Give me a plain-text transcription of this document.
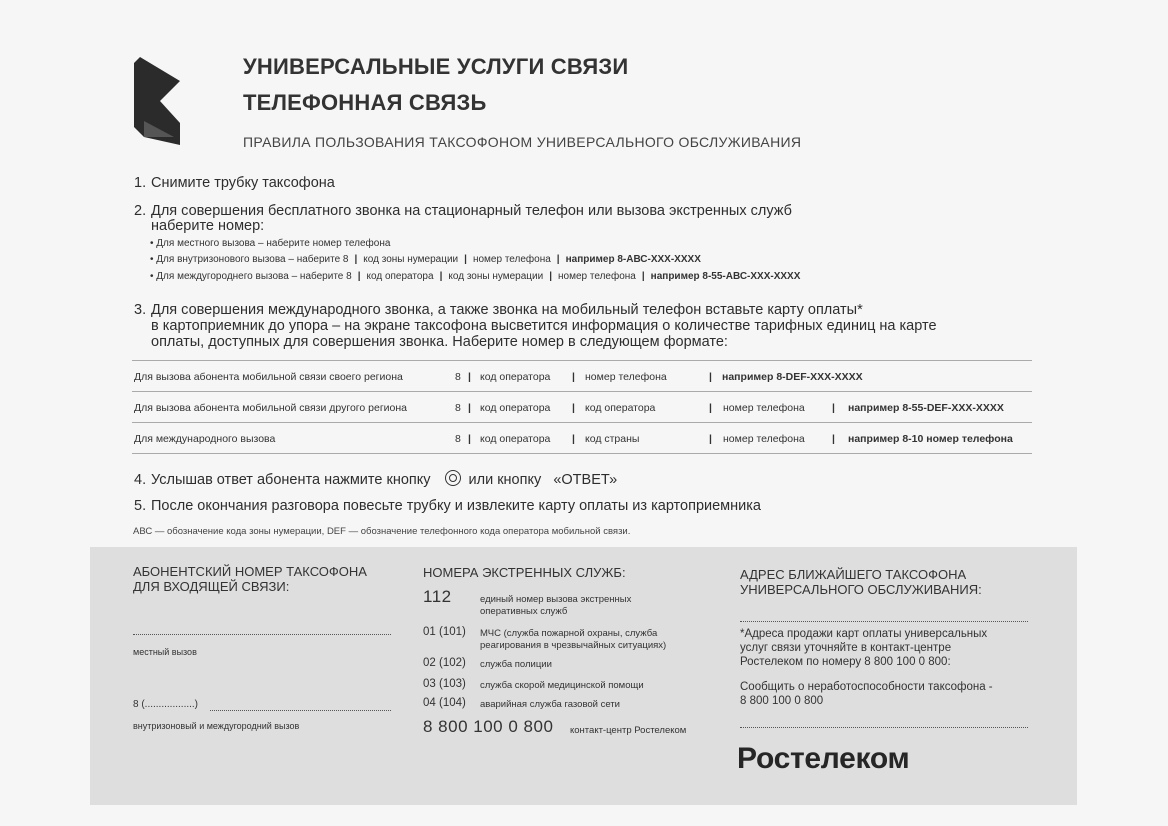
УНИВЕРСАЛЬНЫЕ УСЛУГИ СВЯЗИ
ТЕЛЕФОННАЯ СВЯЗЬ
ПРАВИЛА ПОЛЬЗОВАНИЯ ТАКСОФОНОМ УНИВЕРСАЛЬНОГО ОБСЛУЖИВАНИЯ
1. Снимите трубку таксофона
2. Для совершения бесплатного звонка на стационарный телефон или вызова экстренных служб
наберите номер:
• Для местного вызова – наберите номер телефона
• Для внутризонового вызова – наберите 8 | код зоны нумерации | номер телефона | например 8-АВС-ХХХ-ХХХХ
• Для междугороднего вызова – наберите 8 | код оператора | код зоны нумерации | номер телефона | например 8-55-АВС-ХХХ-ХХХХ
3. Для совершения международного звонка, а также звонка на мобильный телефон вставьте карту оплаты*
в картоприемник до упора – на экране таксофона высветится информация о количестве тарифных единиц на карте
оплаты, доступных для совершения звонка. Наберите номер в следующем формате:
Для вызова абонента мобильной связи своего региона	8 | код оператора | номер телефона	| например 8-DEF-XXX-XXXX
Для вызова абонента мобильной связи другого региона	8 | код оператора | код оператора	| номер телефона	| например 8-55-DEF-XXX-XXXX
Для международного вызова	8 | код оператора | код страны	| номер телефона	| например 8-10 номер телефона
4. Услышав ответ абонента нажмите кнопку	или кнопку «ОТВЕТ»
5. После окончания разговора повесьте трубку и извлеките карту оплаты из картоприемника
АВС — обозначение кода зоны нумерации, DEF — обозначение телефонного кода оператора мобильной связи.
АБОНЕНТСКИЙ НОМЕР ТАКСОФОНА
ДЛЯ ВХОДЯЩЕЙ СВЯЗИ:
местный вызов
8 (..................)
внутризоновый и междугородний вызов
НОМЕРА ЭКСТРЕННЫХ СЛУЖБ:
112	единый номер вызова экстренных
оперативных служб
01 (101) МЧС (служба пожарной охраны, служба
реагирования в чрезвычайных ситуациях)
02 (102) служба полиции
03 (103) служба скорой медицинской помощи
04 (104) аварийная служба газовой сети
8 800 100 0 800 контакт-центр Ростелеком
АДРЕС БЛИЖАЙШЕГО ТАКСОФОНА
УНИВЕРСАЛЬНОГО ОБСЛУЖИВАНИЯ:
*Адреса продажи карт оплаты универсальных
услуг связи уточняйте в контакт-центре
Ростелеком по номеру 8 800 100 0 800:
Сообщить о неработоспособности таксофона -
8 800 100 0 800
Ростелеком
